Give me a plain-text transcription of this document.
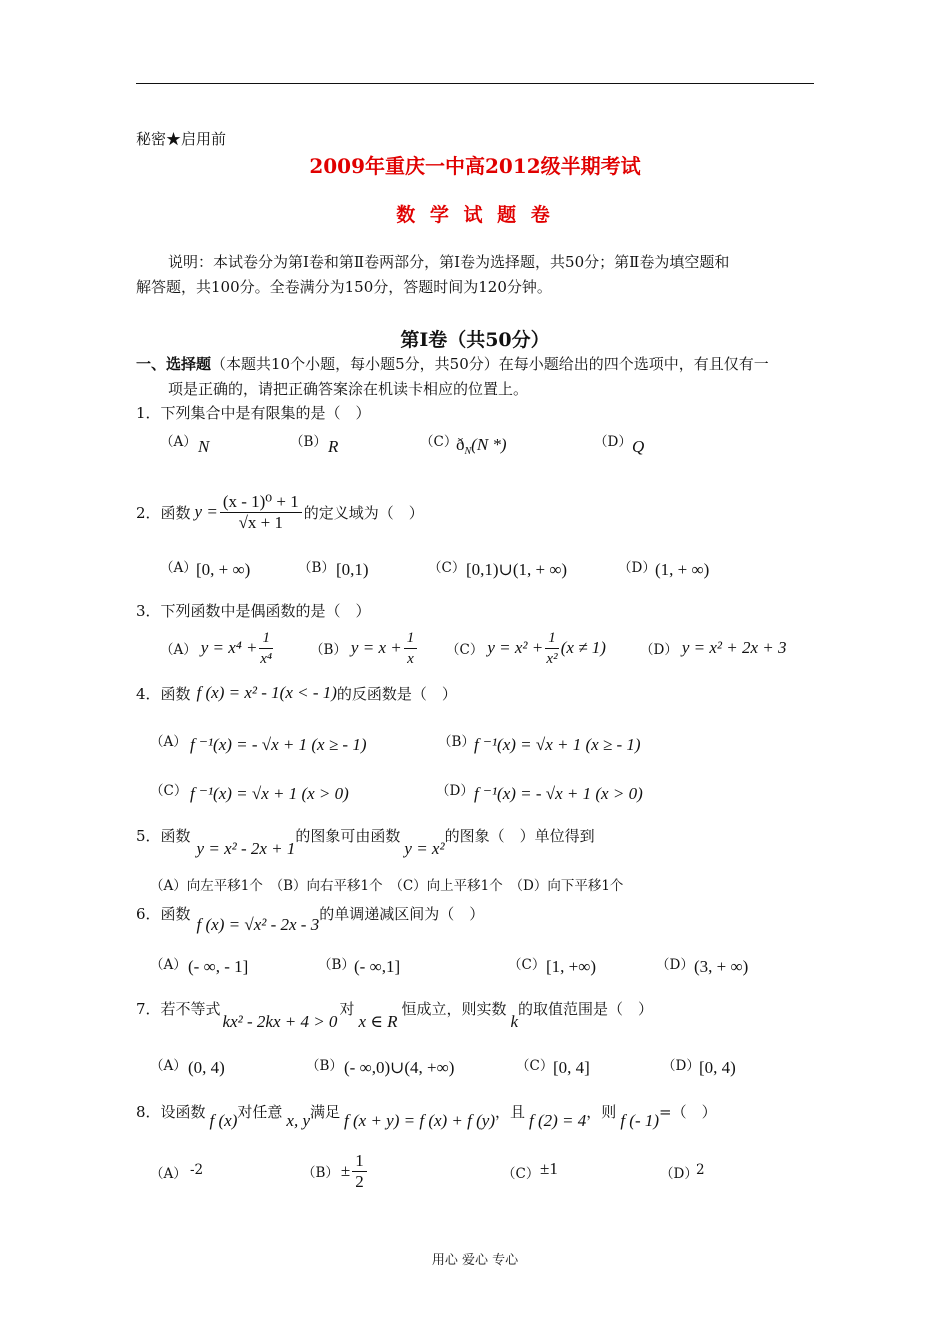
秘密★启用前
2009年重庆一中高2012级半期考试
数 学 试 题 卷
说明：本试卷分为第Ⅰ卷和第Ⅱ卷两部分，第Ⅰ卷为选择题，共50分；第Ⅱ卷为填空题和
解答题，共100分。全卷满分为150分，答题时间为120分钟。
第Ⅰ卷（共50分）
一、选择题（本题共10个小题，每小题5分，共50分）在每小题给出的四个选项中，有且仅有一
项是正确的，请把正确答案涂在机读卡相应的位置上。
1．下列集合中是有限集的是（　）
（A） N	（B） R	（C）
$ð_N(N$ *)	（D） Q
2．函数 $y = \frac{\text{(x - 1)⁰ + 1}}{√x + 1}$ 的定义域为（　）
（A） [0, + ∞)	（B） [0,1)	（C） [0,1)∪(1, + ∞)	（D） (1, + ∞)
3．下列函数中是偶函数的是（　）
（A） $y = x^4 + \frac{1}{\text{x⁴}}$	（B） $y = x + \frac{1}{x} (C) y = x^2 + \frac{1}{\text{x²}} (x \ne 1)$	（D） y = x² + 2x + 3
4．函数 f (x) = x² - 1(x < - 1) 的反函数是（　）
（A） f ⁻¹(x) = - √x + 1 (x ≥ - 1)	（B） f ⁻¹(x) = √x + 1 (x ≥ - 1)
（C） f ⁻¹(x) = √x + 1 (x > 0)	（D） f ⁻¹(x) = - √x + 1 (x > 0)
5．函数
y = x² - 2x + 1
的图象可由函数
y = x²
的图象（　）单位得到
（A）向左平移1个　（B）向右平移1个　（C）向上平移1个　（D）向下平移1个
6．函数
f (x) = √x² - 2x - 3
的单调递减区间为（　）
（A） (- ∞, - 1]	（B） (- ∞,1]	（C） [1, +∞)	（D） (3, + ∞)
7．若不等式
kx² - 2kx + 4 > 0
对
x ∈ R
恒成立，则实数
k
的取值范围是（　）
（A） (0, 4)	（B） (- ∞,0)∪(4, +∞)	（C） [0, 4]	（D） [0, 4)
8．设函数 f (x) 对任意 x, y 满足 f (x + y) = f (x) + f (y) ，且 f (2) = 4 ，则 f (- 1) =（　）
（A） -2	$(B) \pm \frac{1}{2}$	（C） ±1	（D）
2
用心 爱心 专心
